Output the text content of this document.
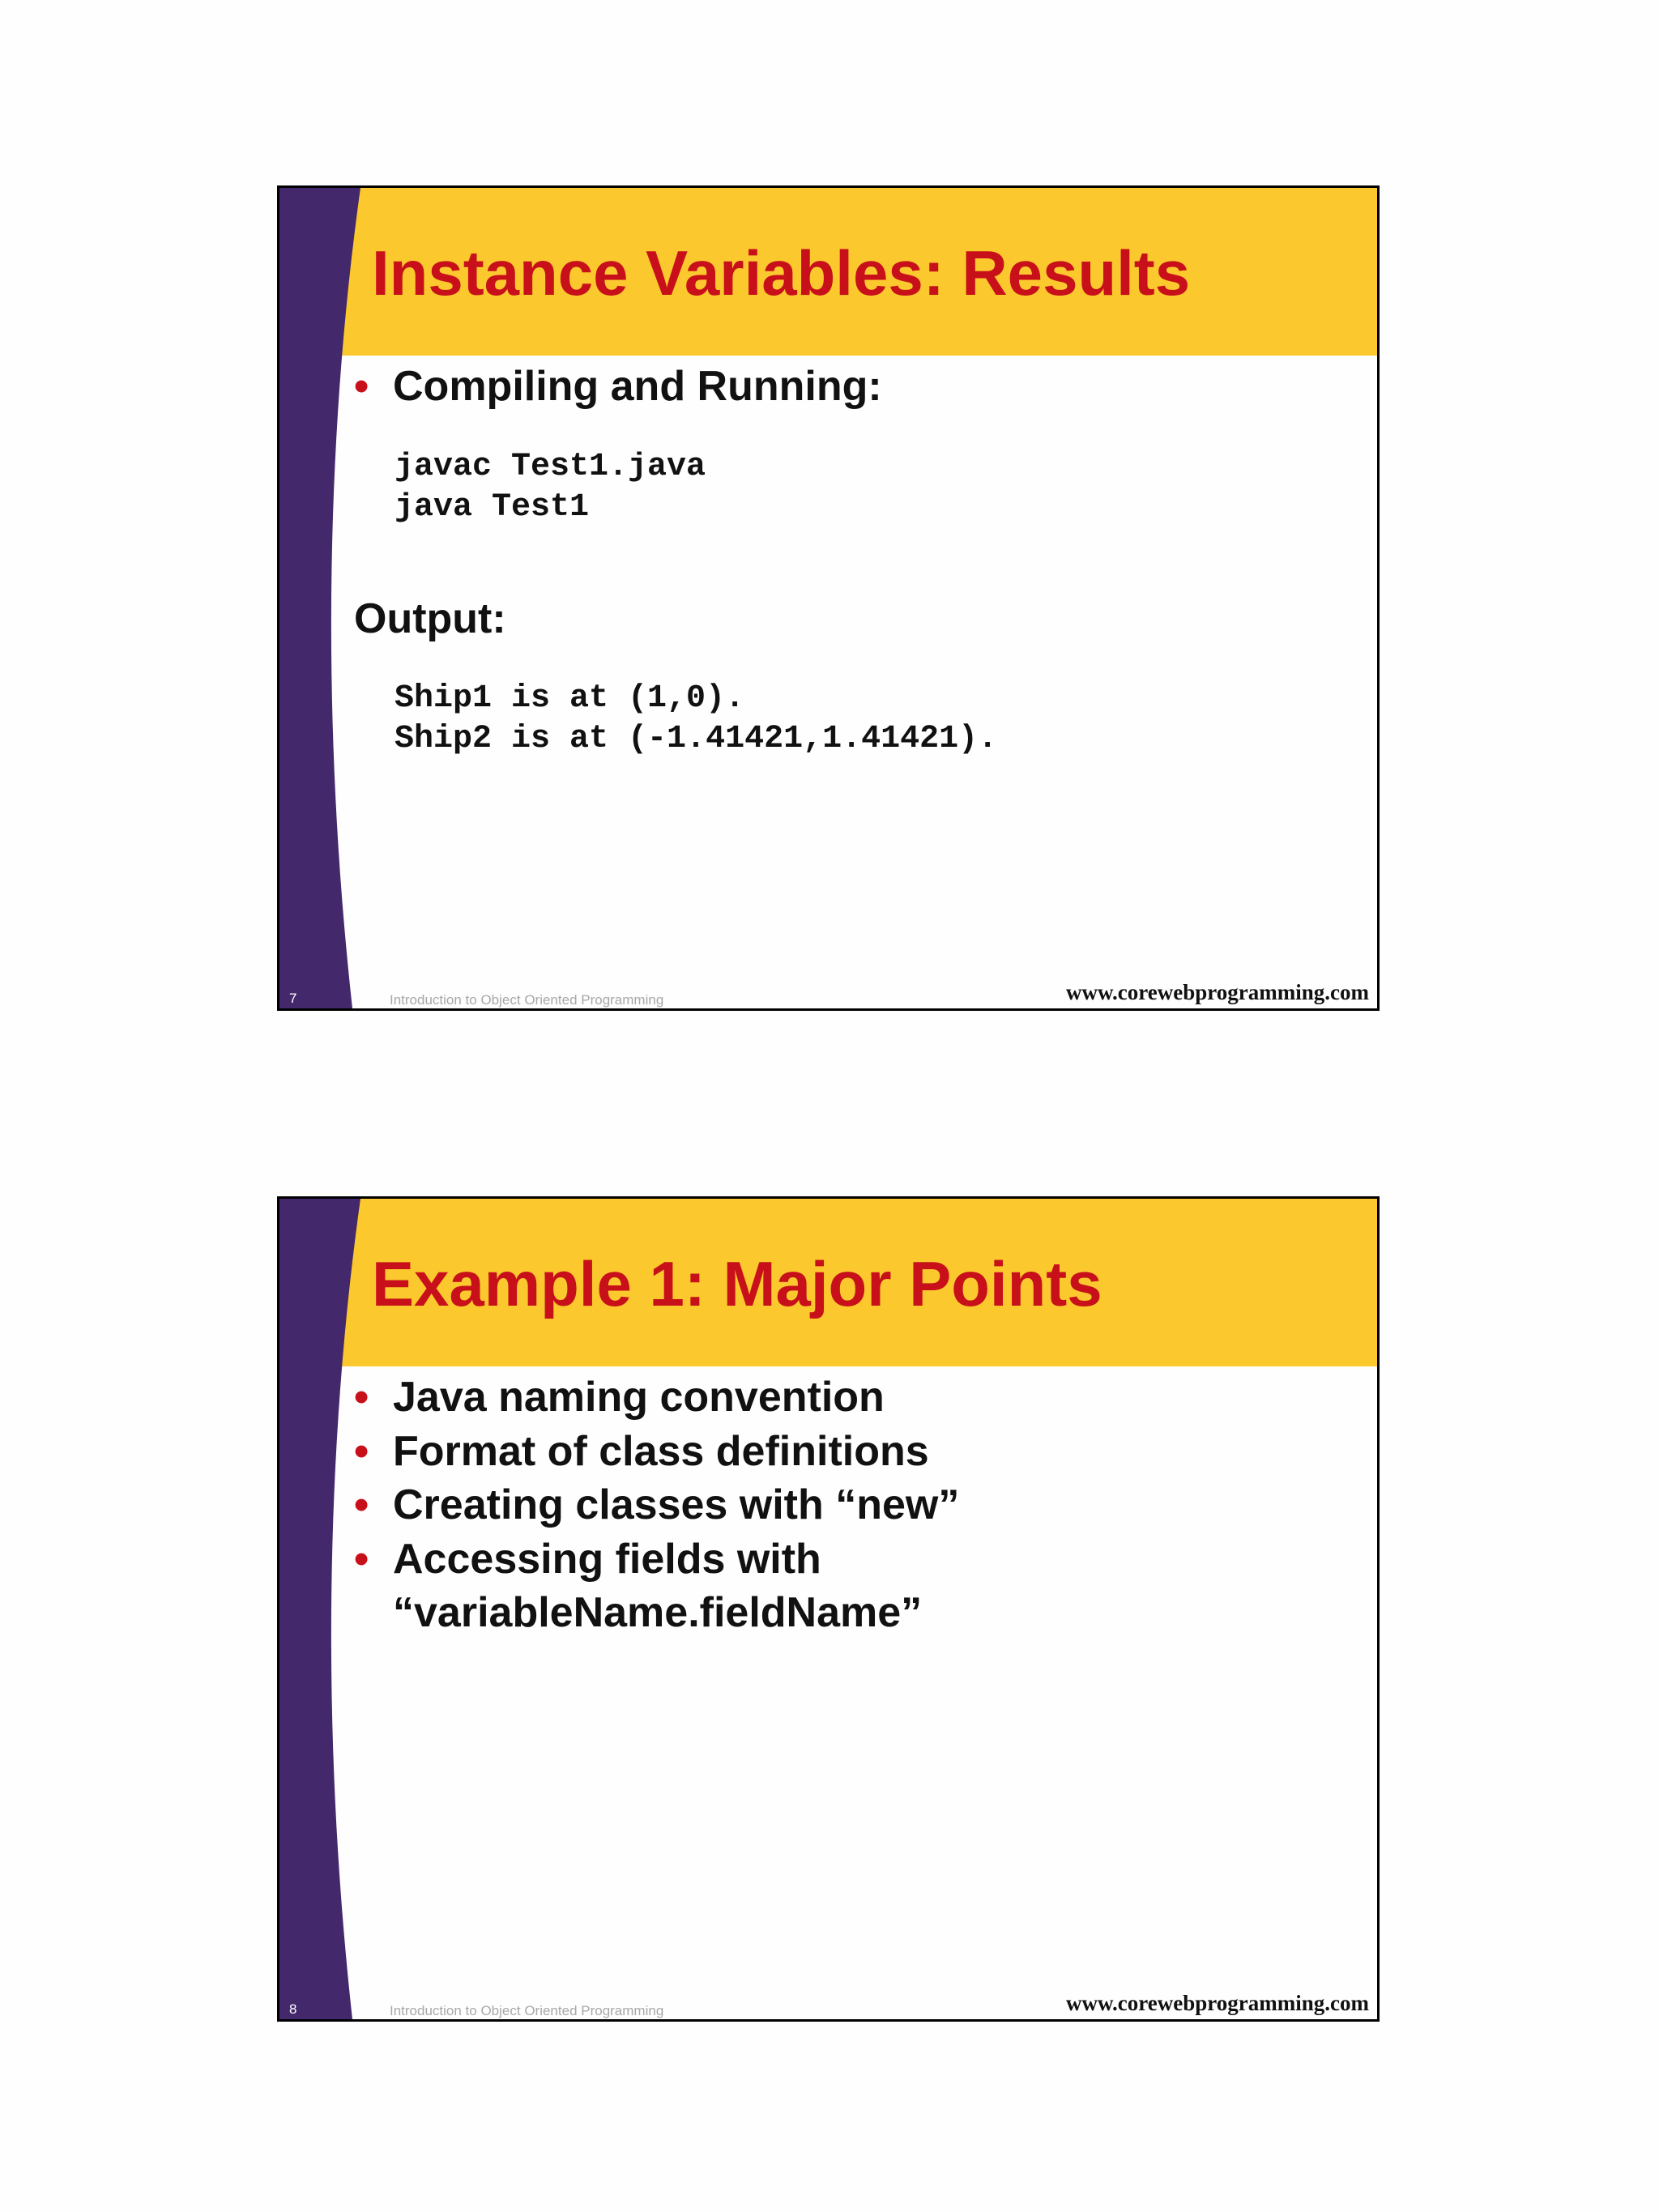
Instance Variables: Results
• Compiling and Running:
javac Test1.java
java Test1
Output:
Ship1 is at (1,0).
Ship2 is at (-1.41421,1.41421).
7	Introduction to Object Oriented Programming	www.corewebprogramming.com
Example 1: Major Points
• Java naming convention
• Format of class definitions
• Creating classes with “new”
• Accessing fields with “variableName.fieldName”
8	Introduction to Object Oriented Programming	www.corewebprogramming.com
